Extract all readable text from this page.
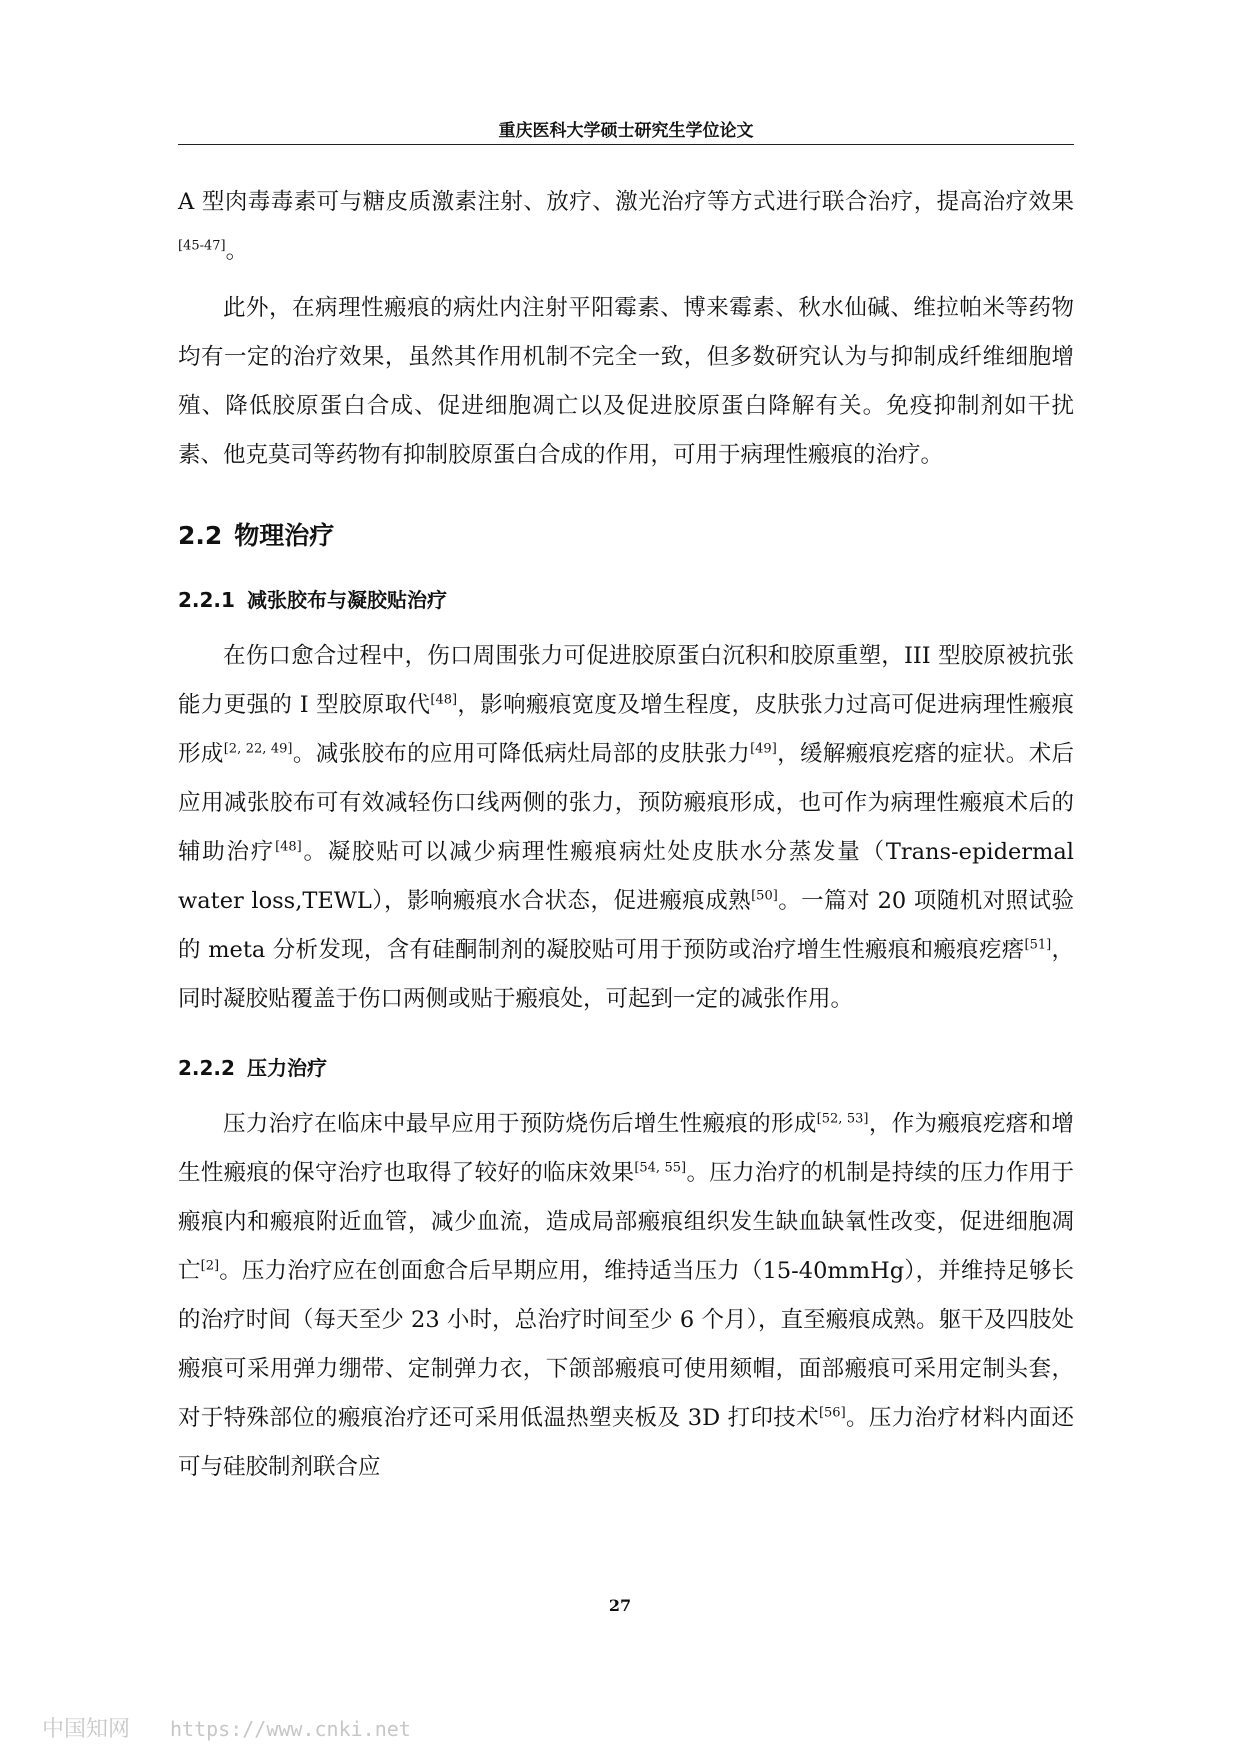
重庆医科大学硕士研究生学位论文

A 型肉毒毒素可与糖皮质激素注射、放疗、激光治疗等方式进行联合治疗，提高治疗效果[45-47]。

此外，在病理性瘢痕的病灶内注射平阳霉素、博来霉素、秋水仙碱、维拉帕米等药物均有一定的治疗效果，虽然其作用机制不完全一致，但多数研究认为与抑制成纤维细胞增殖、降低胶原蛋白合成、促进细胞凋亡以及促进胶原蛋白降解有关。免疫抑制剂如干扰素、他克莫司等药物有抑制胶原蛋白合成的作用，可用于病理性瘢痕的治疗。

2.2 物理治疗
2.2.1 减张胶布与凝胶贴治疗

在伤口愈合过程中，伤口周围张力可促进胶原蛋白沉积和胶原重塑，III 型胶原被抗张能力更强的 I 型胶原取代[48]，影响瘢痕宽度及增生程度，皮肤张力过高可促进病理性瘢痕形成[2, 22, 49]。减张胶布的应用可降低病灶局部的皮肤张力[49]，缓解瘢痕疙瘩的症状。术后应用减张胶布可有效减轻伤口线两侧的张力，预防瘢痕形成，也可作为病理性瘢痕术后的辅助治疗[48]。凝胶贴可以减少病理性瘢痕病灶处皮肤水分蒸发量（Trans-epidermal water loss,TEWL），影响瘢痕水合状态，促进瘢痕成熟[50]。一篇对 20 项随机对照试验的 meta 分析发现，含有硅酮制剂的凝胶贴可用于预防或治疗增生性瘢痕和瘢痕疙瘩[51]，同时凝胶贴覆盖于伤口两侧或贴于瘢痕处，可起到一定的减张作用。

2.2.2 压力治疗

压力治疗在临床中最早应用于预防烧伤后增生性瘢痕的形成[52, 53]，作为瘢痕疙瘩和增生性瘢痕的保守治疗也取得了较好的临床效果[54, 55]。压力治疗的机制是持续的压力作用于瘢痕内和瘢痕附近血管，减少血流，造成局部瘢痕组织发生缺血缺氧性改变，促进细胞凋亡[2]。压力治疗应在创面愈合后早期应用，维持适当压力（15-40mmHg），并维持足够长的治疗时间（每天至少 23 小时，总治疗时间至少 6 个月），直至瘢痕成熟。躯干及四肢处瘢痕可采用弹力绷带、定制弹力衣，下颌部瘢痕可使用颏帽，面部瘢痕可采用定制头套，对于特殊部位的瘢痕治疗还可采用低温热塑夹板及 3D 打印技术[56]。压力治疗材料内面还可与硅胶制剂联合应

27
中国知网 https://www.cnki.net
